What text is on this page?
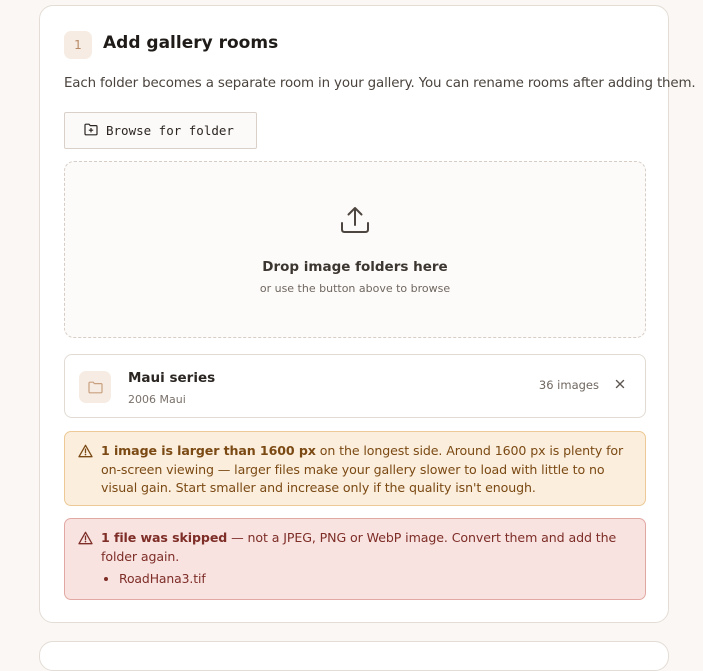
1	Add gallery rooms
Each folder becomes a separate room in your gallery. You can rename rooms after adding them.
Browse for folder
Drop image folders here
or use the button above to browse
Maui series
2006 Maui
36 images
1 image is larger than 1600 px on the longest side. Around 1600 px is plenty for on-screen viewing — larger files make your gallery slower to load with little to no visual gain. Start smaller and increase only if the quality isn't enough.
1 file was skipped — not a JPEG, PNG or WebP image. Convert them and add the folder again.
• RoadHana3.tif
